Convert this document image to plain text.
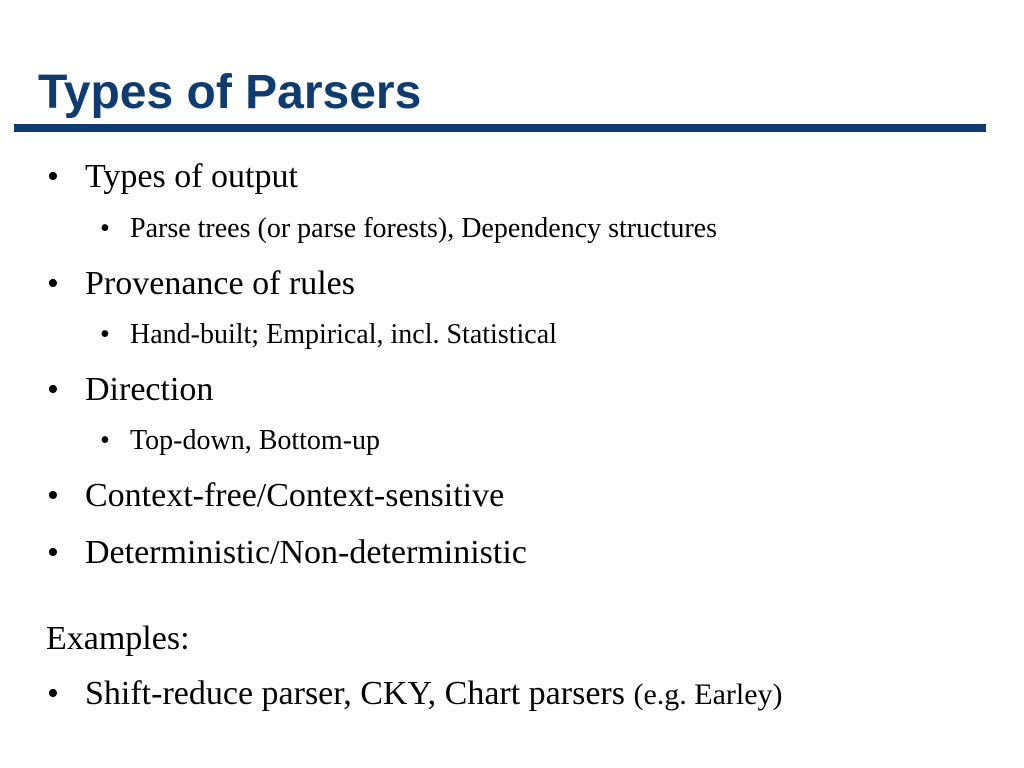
Types of Parsers
• Types of output
• Parse trees (or parse forests), Dependency structures
• Provenance of rules
• Hand-built; Empirical, incl. Statistical
• Direction
• Top-down, Bottom-up
• Context-free/Context-sensitive
• Deterministic/Non-deterministic
Examples:
• Shift-reduce parser, CKY, Chart parsers (e.g. Earley)
